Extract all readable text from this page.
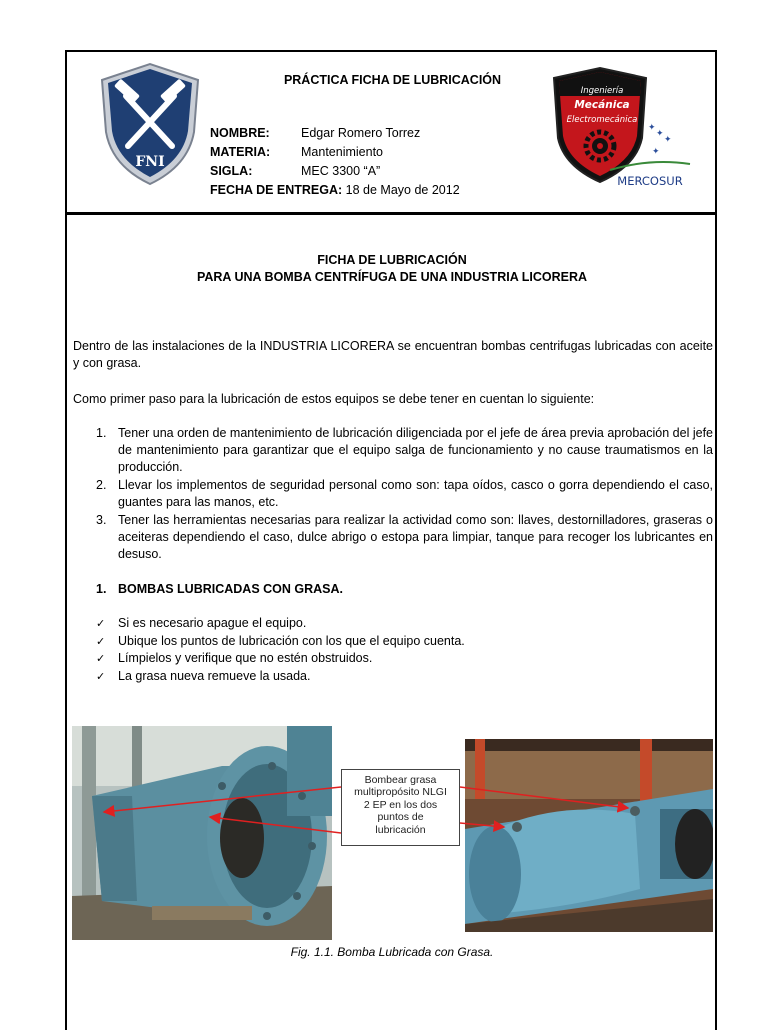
FNI
PRÁCTICA FICHA DE LUBRICACIÓN
NOMBRE:	Edgar Romero Torrez
MATERIA:	Mantenimiento
SIGLA:	MEC 3300 “A”
FECHA DE ENTREGA:
18 de Mayo de 2012
Ingeniería
Mecánica
Electromecánica
✦
✦
✦
✦
MERCOSUR
FICHA DE LUBRICACIÓN
PARA UNA BOMBA CENTRÍFUGA DE UNA INDUSTRIA LICORERA
Dentro de las instalaciones de la INDUSTRIA LICORERA se encuentran bombas centrifugas lubricadas con aceite y con grasa.
Como primer paso para la lubricación de estos equipos se debe tener en cuentan lo siguiente:
1. Tener una orden de mantenimiento de lubricación diligenciada por el jefe de área previa aprobación del jefe de mantenimiento para garantizar que el equipo salga de funcionamiento y no cause traumatismos en la producción.
2. Llevar los implementos de seguridad personal como son: tapa oídos, casco o gorra dependiendo el caso, guantes para las manos, etc.
3. Tener las herramientas necesarias para realizar la actividad como son: llaves, destornilladores, graseras o aceiteras dependiendo el caso, dulce abrigo o estopa para limpiar, tanque para recoger los lubricantes en desuso.
1. BOMBAS LUBRICADAS CON GRASA.
✓	Si es necesario apague el equipo.
✓	Ubique los puntos de lubricación con los que el equipo cuenta.
✓	Límpielos y verifique que no estén obstruidos.
✓	La grasa nueva remueve la usada.
Bombear grasa
multipropósito NLGI
2 EP en los dos
puntos de
lubricación
Fig. 1.1. Bomba Lubricada con Grasa.
